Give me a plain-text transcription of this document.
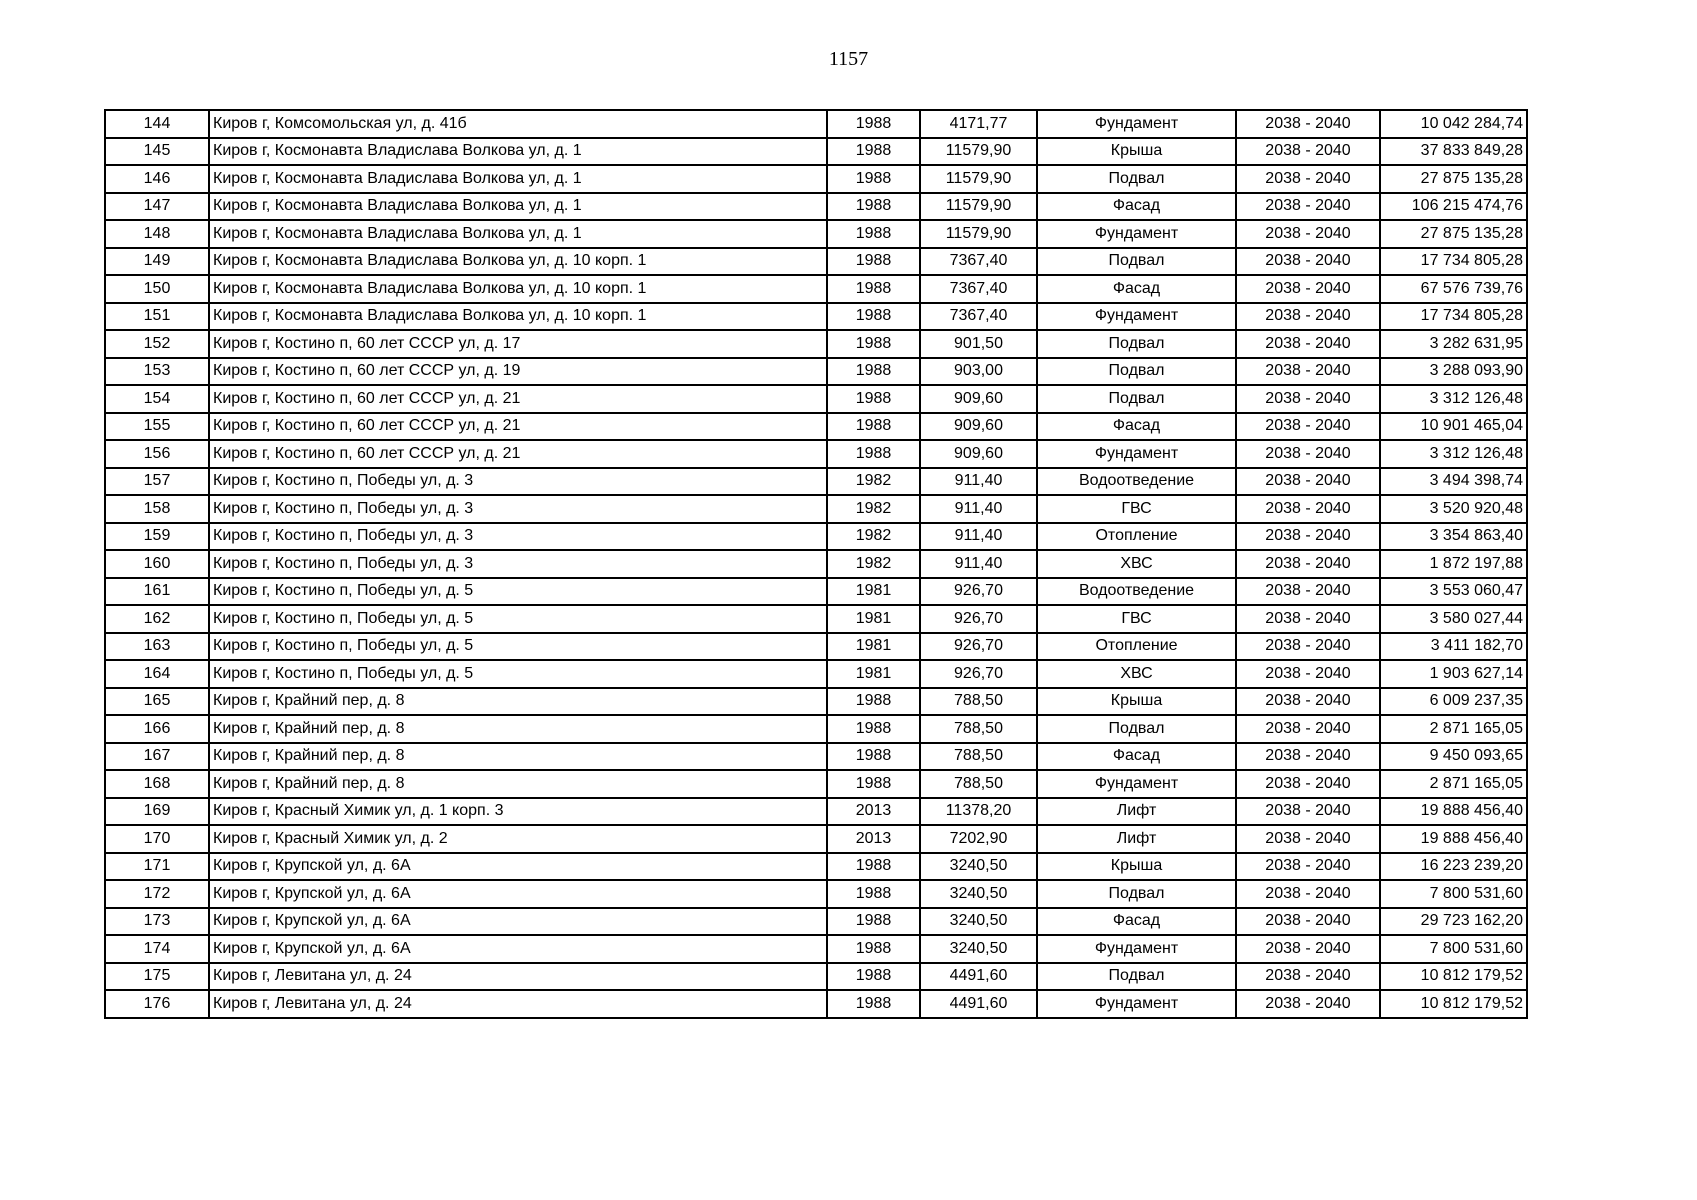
1157
144	Киров г, Комсомольская ул, д. 41б	1988	4171,77	Фундамент	2038 - 2040	10 042 284,74
145	Киров г, Космонавта Владислава Волкова ул, д. 1	1988	11579,90	Крыша	2038 - 2040	37 833 849,28
146	Киров г, Космонавта Владислава Волкова ул, д. 1	1988	11579,90	Подвал	2038 - 2040	27 875 135,28
147	Киров г, Космонавта Владислава Волкова ул, д. 1	1988	11579,90	Фасад	2038 - 2040	106 215 474,76
148	Киров г, Космонавта Владислава Волкова ул, д. 1	1988	11579,90	Фундамент	2038 - 2040	27 875 135,28
149	Киров г, Космонавта Владислава Волкова ул, д. 10 корп. 1	1988	7367,40	Подвал	2038 - 2040	17 734 805,28
150	Киров г, Космонавта Владислава Волкова ул, д. 10 корп. 1	1988	7367,40	Фасад	2038 - 2040	67 576 739,76
151	Киров г, Космонавта Владислава Волкова ул, д. 10 корп. 1	1988	7367,40	Фундамент	2038 - 2040	17 734 805,28
152	Киров г, Костино п, 60 лет СССР ул, д. 17	1988	901,50	Подвал	2038 - 2040	3 282 631,95
153	Киров г, Костино п, 60 лет СССР ул, д. 19	1988	903,00	Подвал	2038 - 2040	3 288 093,90
154	Киров г, Костино п, 60 лет СССР ул, д. 21	1988	909,60	Подвал	2038 - 2040	3 312 126,48
155	Киров г, Костино п, 60 лет СССР ул, д. 21	1988	909,60	Фасад	2038 - 2040	10 901 465,04
156	Киров г, Костино п, 60 лет СССР ул, д. 21	1988	909,60	Фундамент	2038 - 2040	3 312 126,48
157	Киров г, Костино п, Победы ул, д. 3	1982	911,40	Водоотведение	2038 - 2040	3 494 398,74
158	Киров г, Костино п, Победы ул, д. 3	1982	911,40	ГВС	2038 - 2040	3 520 920,48
159	Киров г, Костино п, Победы ул, д. 3	1982	911,40	Отопление	2038 - 2040	3 354 863,40
160	Киров г, Костино п, Победы ул, д. 3	1982	911,40	ХВС	2038 - 2040	1 872 197,88
161	Киров г, Костино п, Победы ул, д. 5	1981	926,70	Водоотведение	2038 - 2040	3 553 060,47
162	Киров г, Костино п, Победы ул, д. 5	1981	926,70	ГВС	2038 - 2040	3 580 027,44
163	Киров г, Костино п, Победы ул, д. 5	1981	926,70	Отопление	2038 - 2040	3 411 182,70
164	Киров г, Костино п, Победы ул, д. 5	1981	926,70	ХВС	2038 - 2040	1 903 627,14
165	Киров г, Крайний пер, д. 8	1988	788,50	Крыша	2038 - 2040	6 009 237,35
166	Киров г, Крайний пер, д. 8	1988	788,50	Подвал	2038 - 2040	2 871 165,05
167	Киров г, Крайний пер, д. 8	1988	788,50	Фасад	2038 - 2040	9 450 093,65
168	Киров г, Крайний пер, д. 8	1988	788,50	Фундамент	2038 - 2040	2 871 165,05
169	Киров г, Красный Химик ул, д. 1 корп. 3	2013	11378,20	Лифт	2038 - 2040	19 888 456,40
170	Киров г, Красный Химик ул, д. 2	2013	7202,90	Лифт	2038 - 2040	19 888 456,40
171	Киров г, Крупской ул, д. 6А	1988	3240,50	Крыша	2038 - 2040	16 223 239,20
172	Киров г, Крупской ул, д. 6А	1988	3240,50	Подвал	2038 - 2040	7 800 531,60
173	Киров г, Крупской ул, д. 6А	1988	3240,50	Фасад	2038 - 2040	29 723 162,20
174	Киров г, Крупской ул, д. 6А	1988	3240,50	Фундамент	2038 - 2040	7 800 531,60
175	Киров г, Левитана ул, д. 24	1988	4491,60	Подвал	2038 - 2040	10 812 179,52
176	Киров г, Левитана ул, д. 24	1988	4491,60	Фундамент	2038 - 2040	10 812 179,52
